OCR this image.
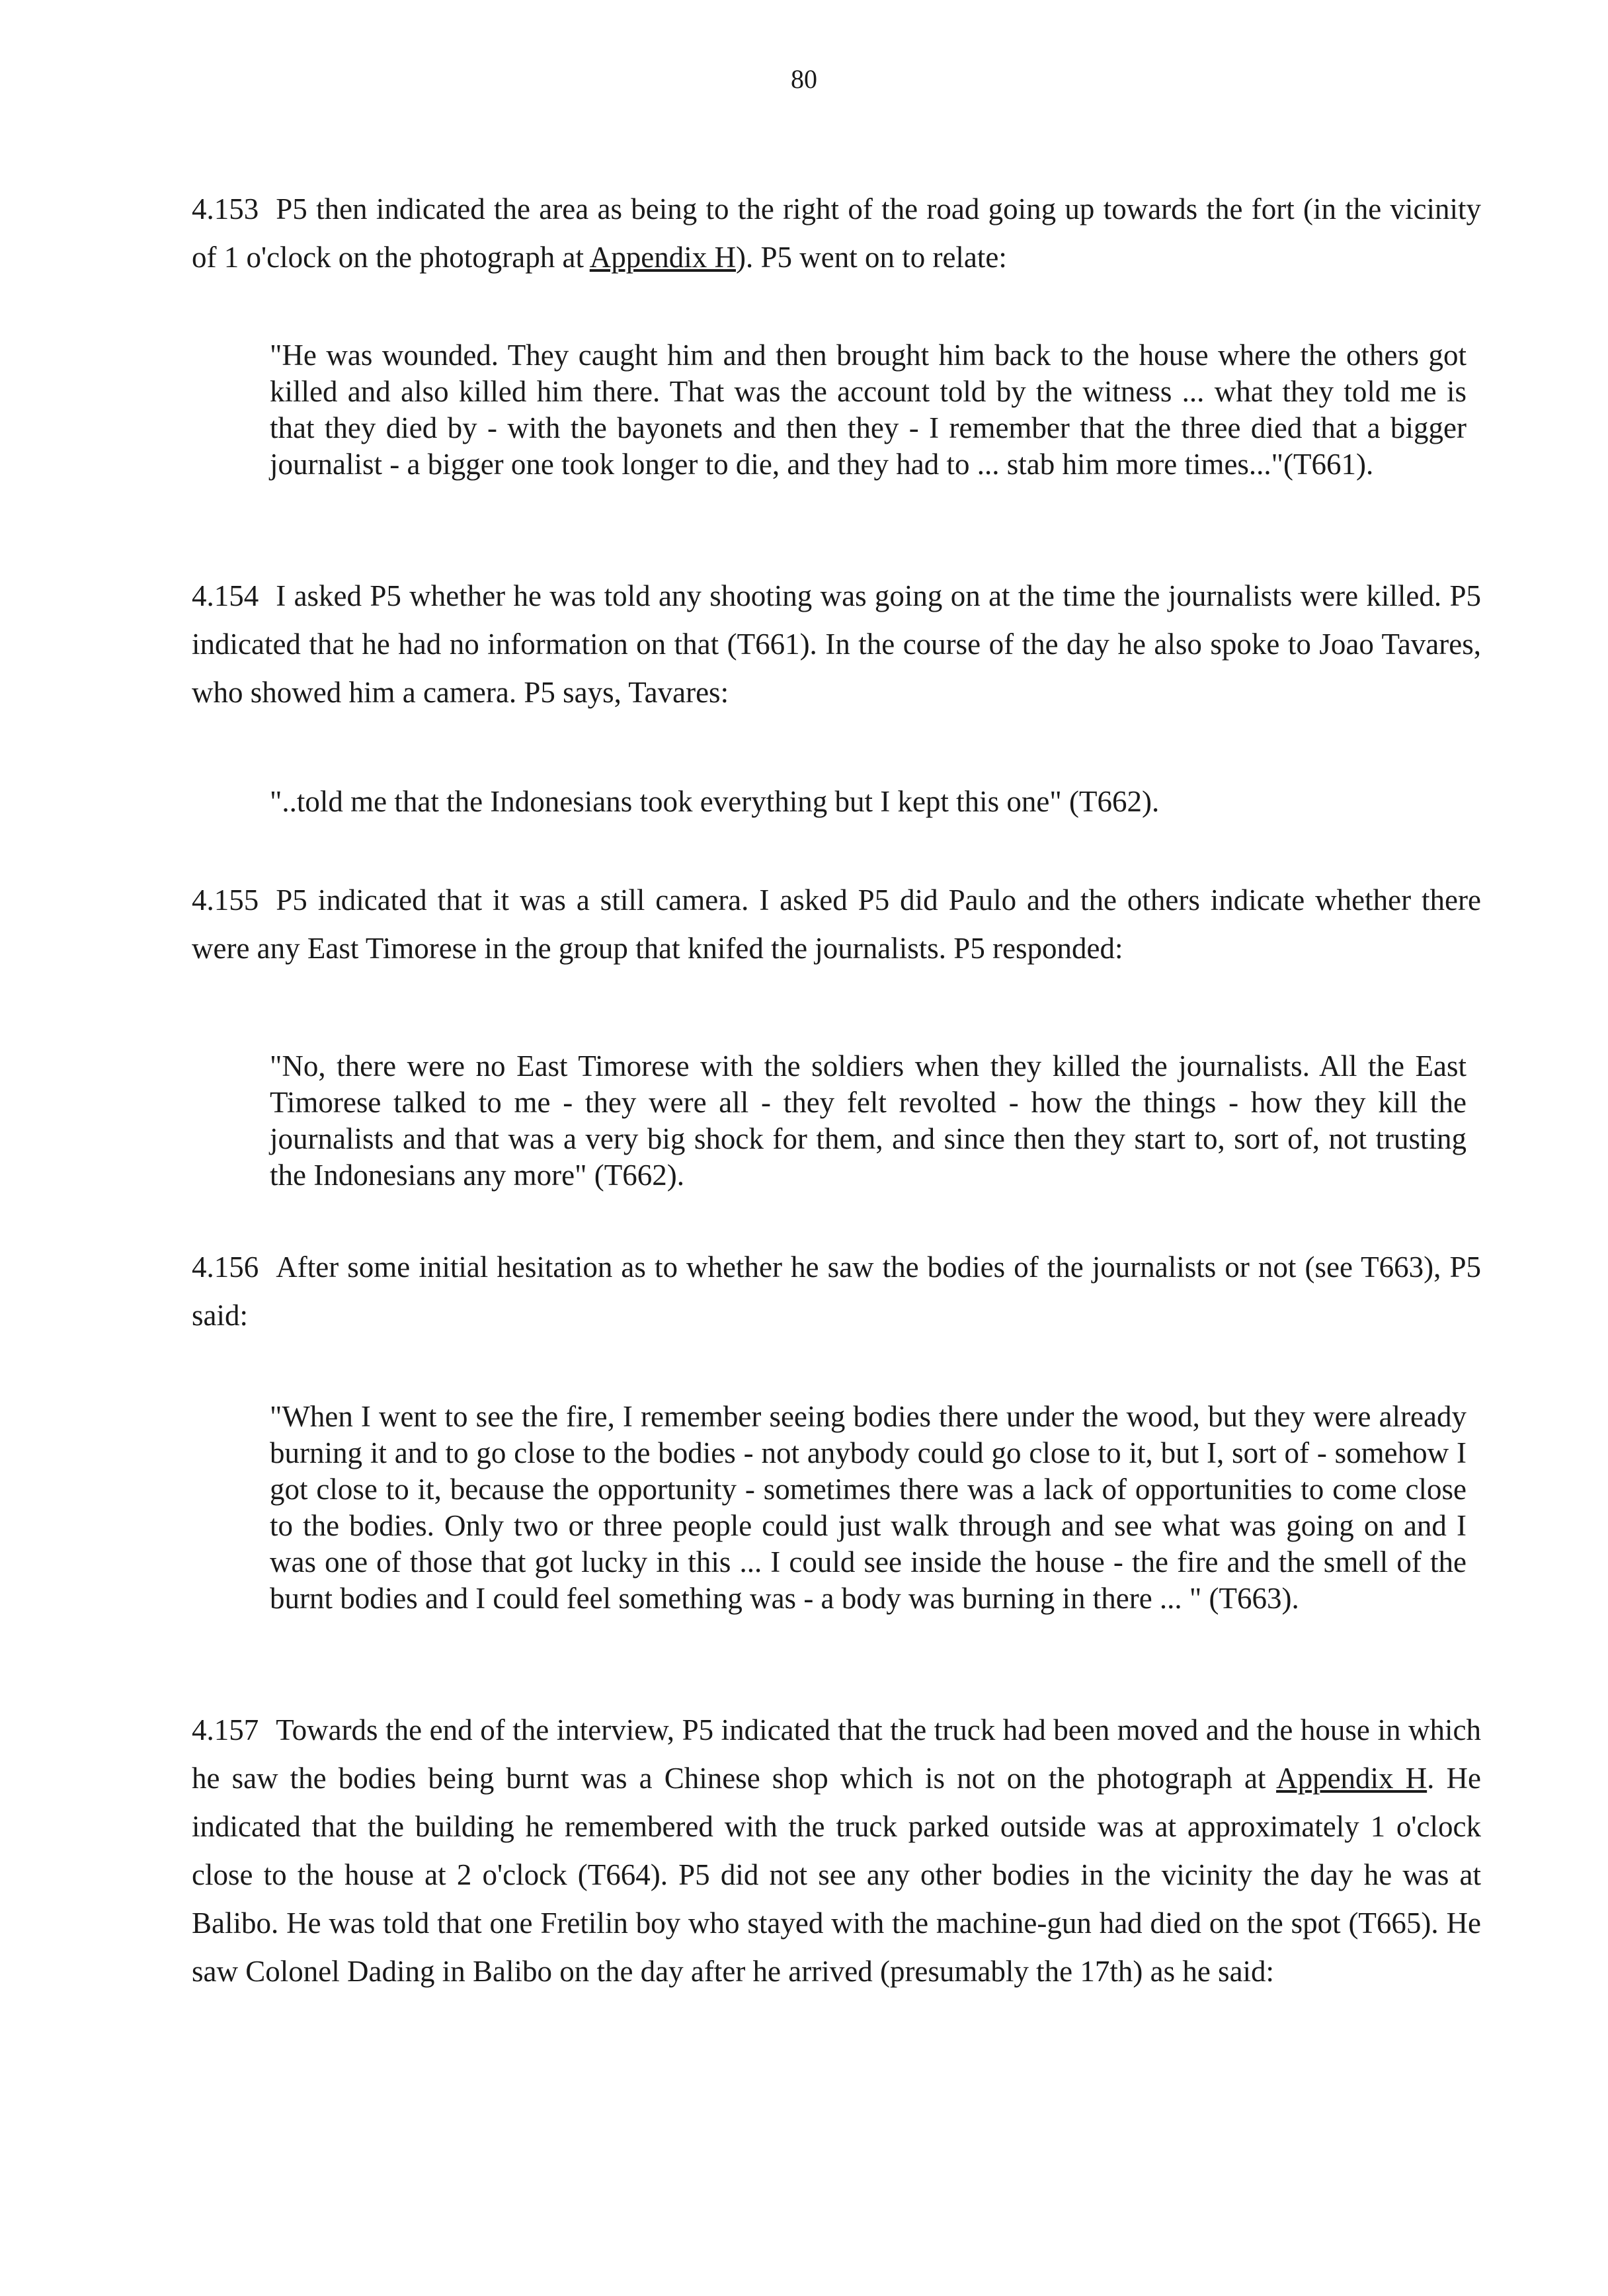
80

4.153 P5 then indicated the area as being to the right of the road going up towards the fort (in the vicinity of 1 o'clock on the photograph at Appendix H). P5 went on to relate:

"He was wounded. They caught him and then brought him back to the house where the others got killed and also killed him there. That was the account told by the witness ... what they told me is that they died by - with the bayonets and then they - I remember that the three died that a bigger journalist - a bigger one took longer to die, and they had to ... stab him more times..."(T661).

4.154 I asked P5 whether he was told any shooting was going on at the time the journalists were killed. P5 indicated that he had no information on that (T661). In the course of the day he also spoke to Joao Tavares, who showed him a camera. P5 says, Tavares:

"..told me that the Indonesians took everything but I kept this one" (T662).

4.155 P5 indicated that it was a still camera. I asked P5 did Paulo and the others indicate whether there were any East Timorese in the group that knifed the journalists. P5 responded:

"No, there were no East Timorese with the soldiers when they killed the journalists. All the East Timorese talked to me - they were all - they felt revolted - how the things - how they kill the journalists and that was a very big shock for them, and since then they start to, sort of, not trusting the Indonesians any more" (T662).

4.156 After some initial hesitation as to whether he saw the bodies of the journalists or not (see T663), P5 said:

"When I went to see the fire, I remember seeing bodies there under the wood, but they were already burning it and to go close to the bodies - not anybody could go close to it, but I, sort of - somehow I got close to it, because the opportunity - sometimes there was a lack of opportunities to come close to the bodies. Only two or three people could just walk through and see what was going on and I was one of those that got lucky in this ... I could see inside the house - the fire and the smell of the burnt bodies and I could feel something was - a body was burning in there ... " (T663).

4.157 Towards the end of the interview, P5 indicated that the truck had been moved and the house in which he saw the bodies being burnt was a Chinese shop which is not on the photograph at Appendix H. He indicated that the building he remembered with the truck parked outside was at approximately 1 o'clock close to the house at 2 o'clock (T664). P5 did not see any other bodies in the vicinity the day he was at Balibo. He was told that one Fretilin boy who stayed with the machine-gun had died on the spot (T665). He saw Colonel Dading in Balibo on the day after he arrived (presumably the 17th) as he said:
